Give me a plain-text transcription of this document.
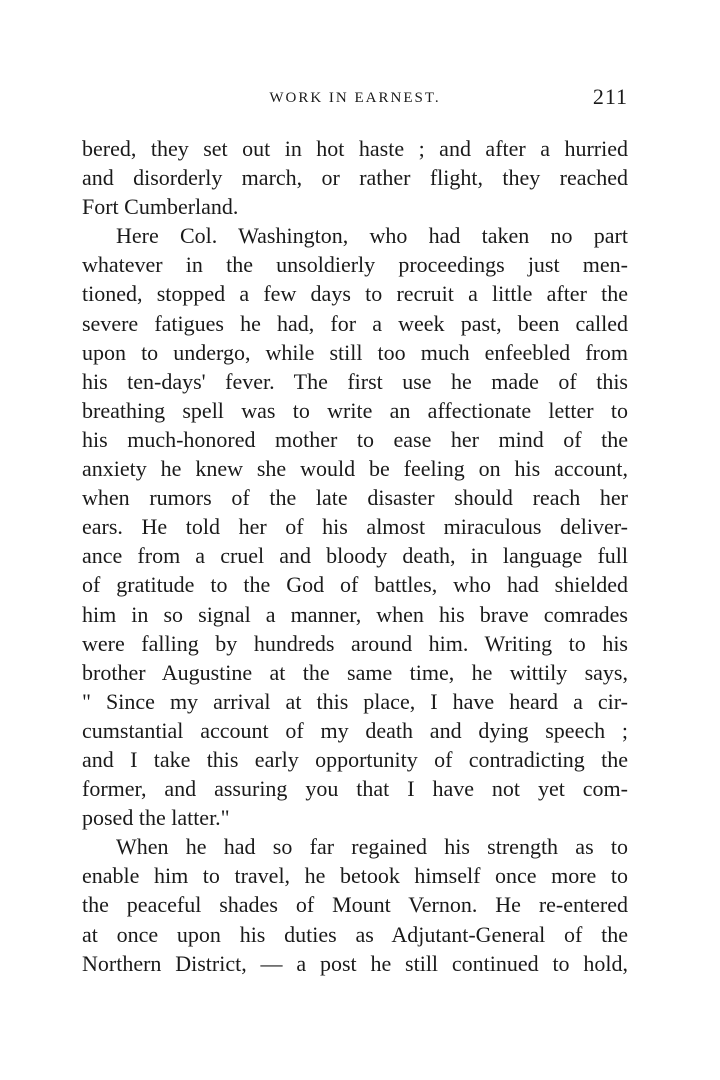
WORK IN EARNEST.	211
bered, they set out in hot haste ; and after a hurried
and disorderly march, or rather flight, they reached
Fort Cumberland.
Here Col. Washington, who had taken no part
whatever in the unsoldierly proceedings just men-
tioned, stopped a few days to recruit a little after the
severe fatigues he had, for a week past, been called
upon to undergo, while still too much enfeebled from
his ten-days' fever. The first use he made of this
breathing spell was to write an affectionate letter to
his much-honored mother to ease her mind of the
anxiety he knew she would be feeling on his account,
when rumors of the late disaster should reach her
ears. He told her of his almost miraculous deliver-
ance from a cruel and bloody death, in language full
of gratitude to the God of battles, who had shielded
him in so signal a manner, when his brave comrades
were falling by hundreds around him. Writing to his
brother Augustine at the same time, he wittily says,
" Since my arrival at this place, I have heard a cir-
cumstantial account of my death and dying speech ;
and I take this early opportunity of contradicting the
former, and assuring you that I have not yet com-
posed the latter."
When he had so far regained his strength as to
enable him to travel, he betook himself once more to
the peaceful shades of Mount Vernon. He re-entered
at once upon his duties as Adjutant-General of the
Northern District, — a post he still continued to hold,
